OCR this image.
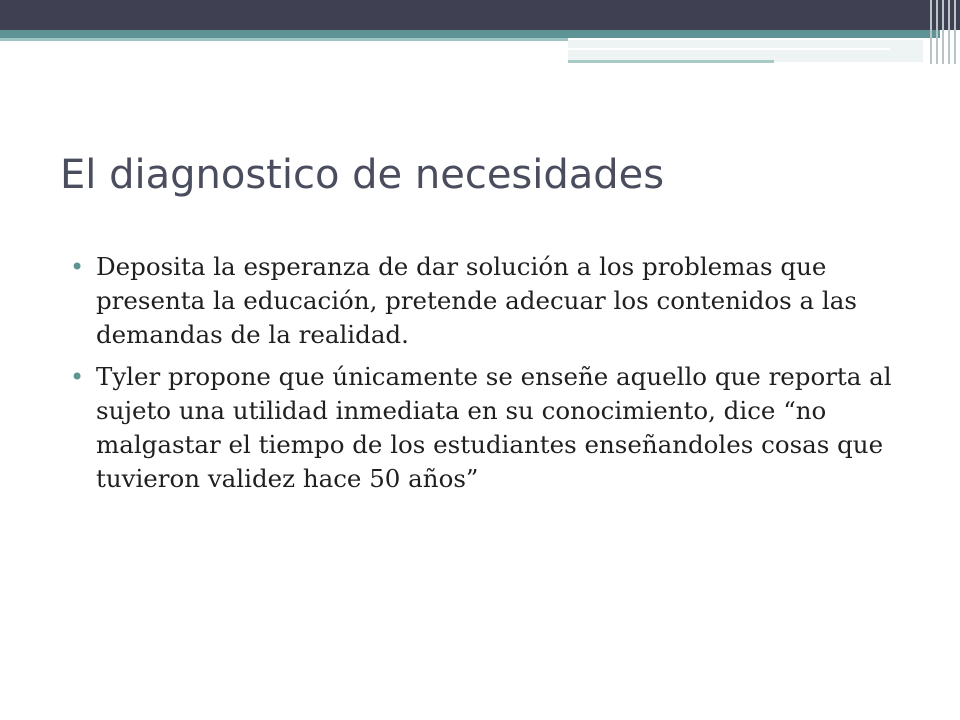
El diagnostico de necesidades
• Deposita la esperanza de dar solución a los problemas que presenta la educación, pretende adecuar los contenidos a las demandas de la realidad.
• Tyler propone que únicamente se enseñe aquello que reporta al sujeto una utilidad inmediata en su conocimiento, dice “no malgastar el tiempo de los estudiantes enseñandoles cosas que tuvieron validez hace 50 años”
